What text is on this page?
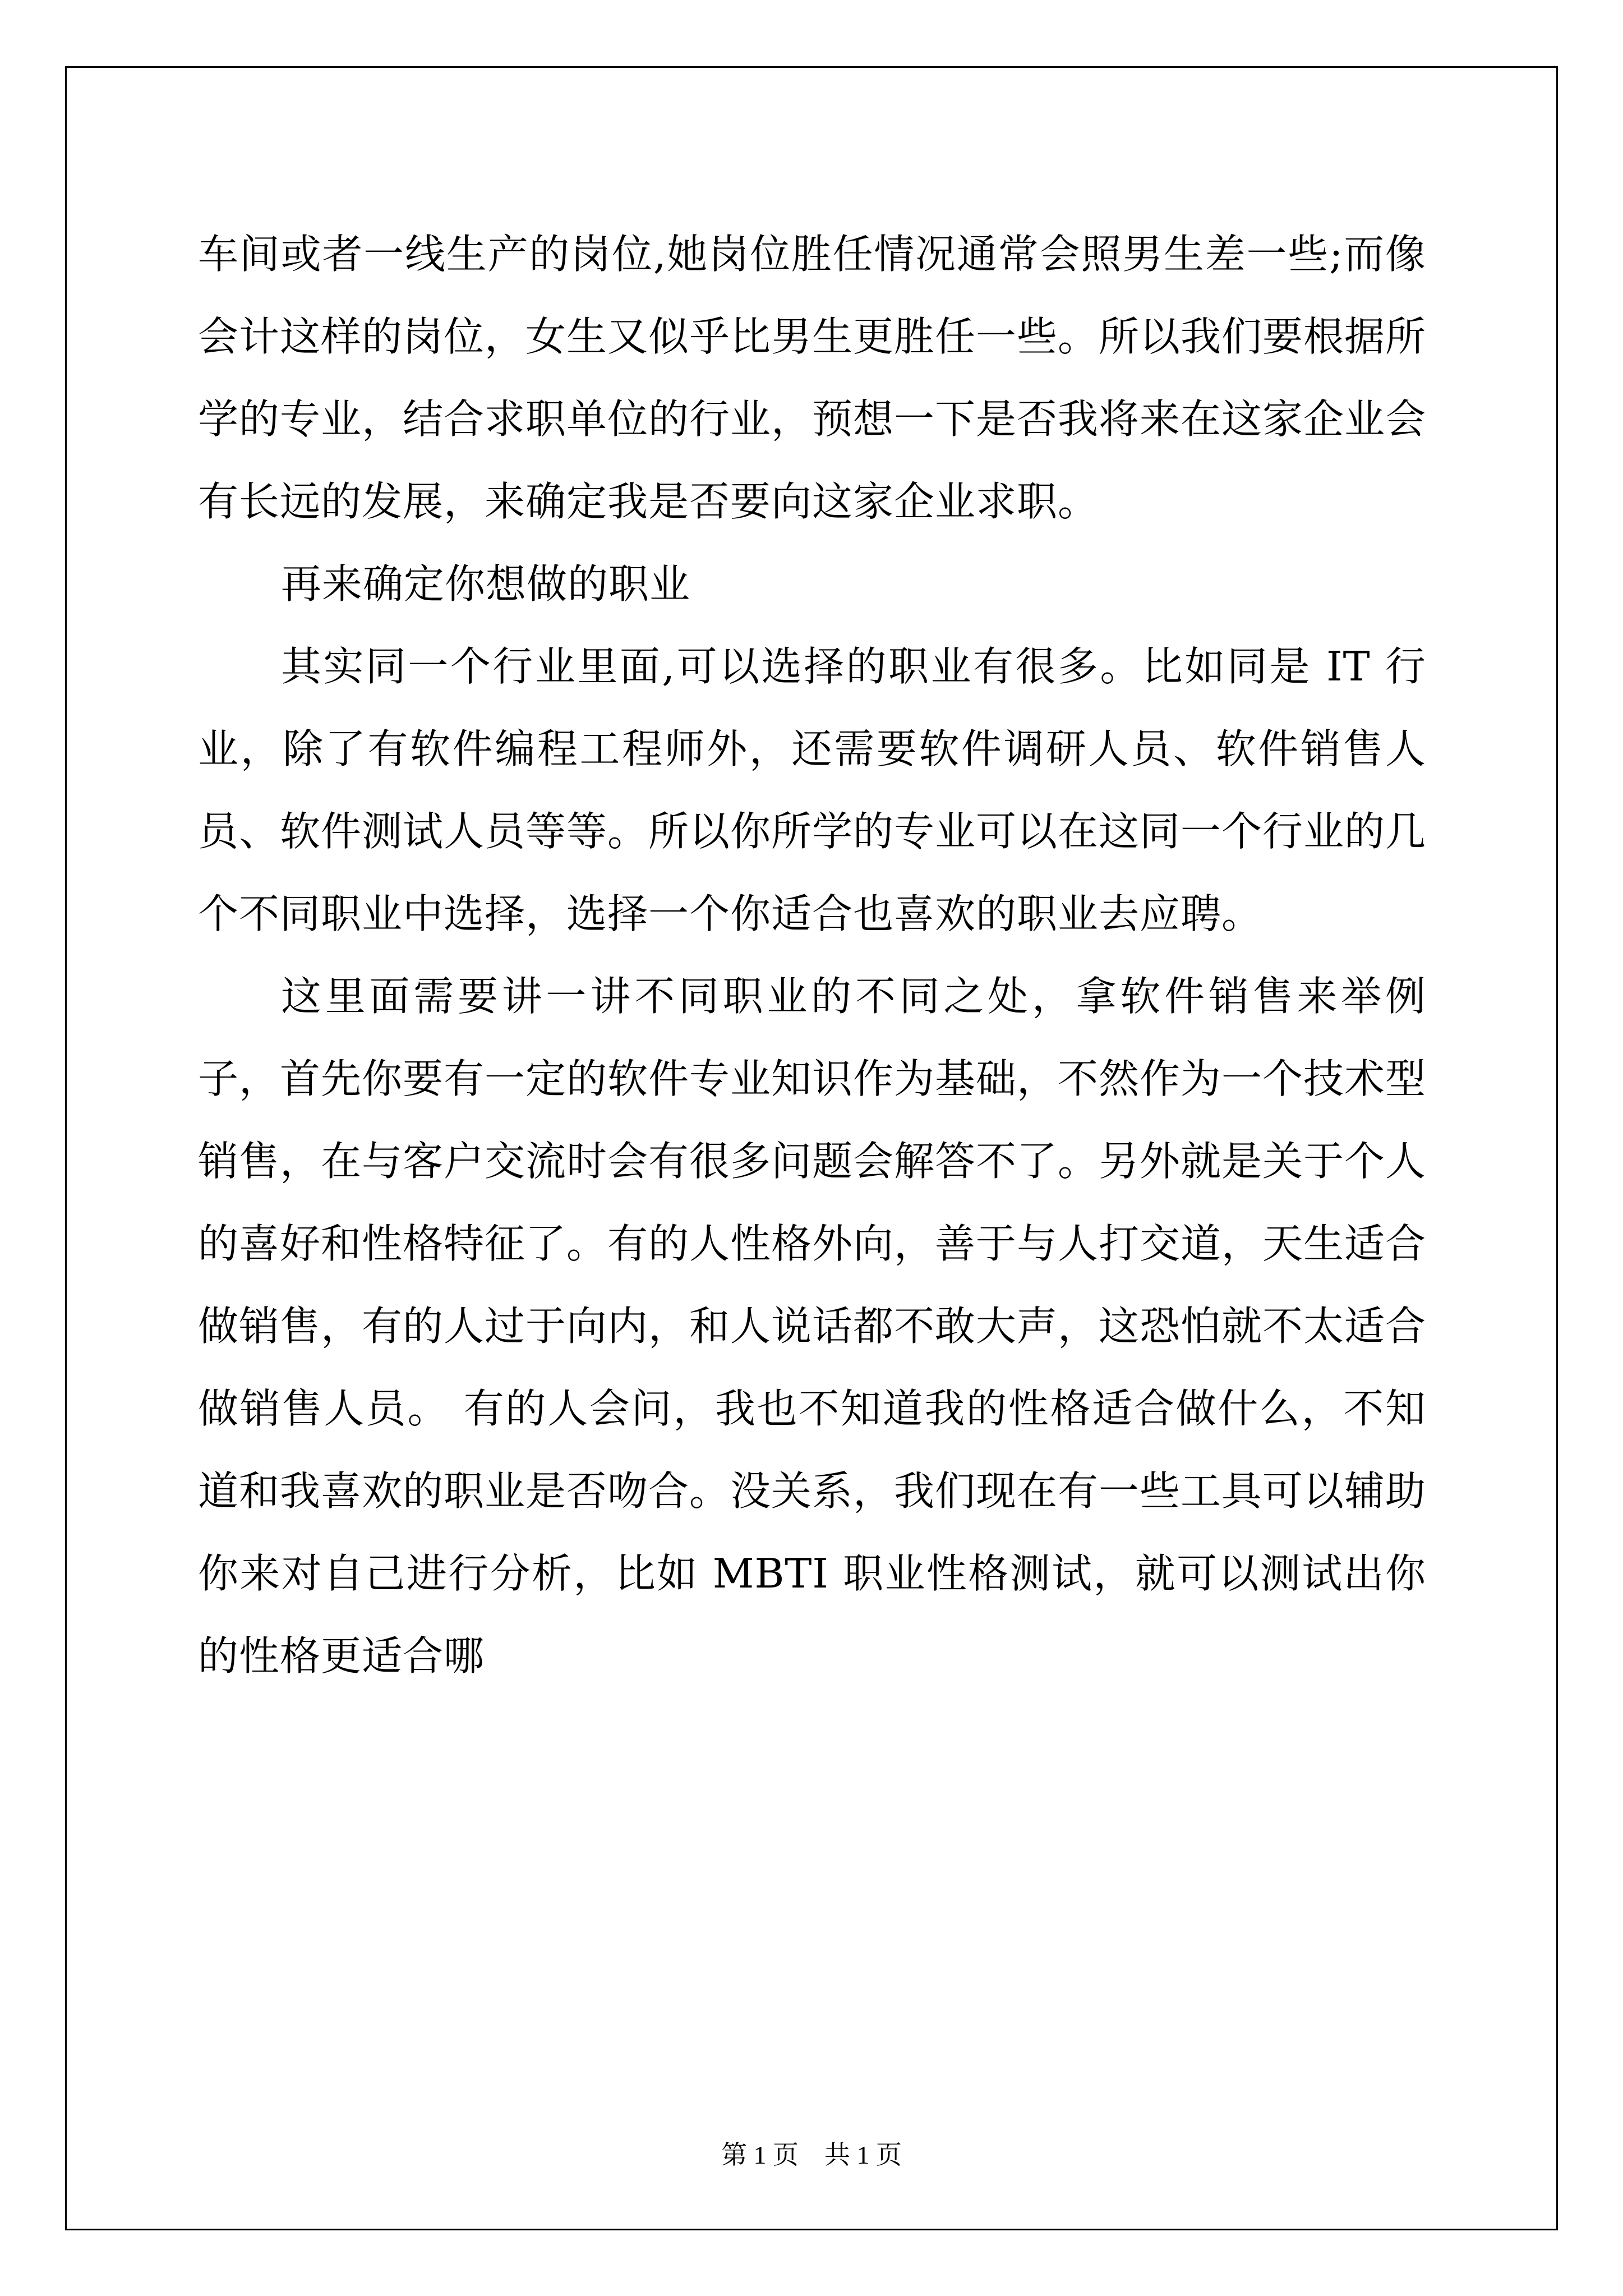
车间或者一线生产的岗位,她岗位胜任情况通常会照男生差一些;而像会计这样的岗位，女生又似乎比男生更胜任一些。所以我们要根据所学的专业，结合求职单位的行业，预想一下是否我将来在这家企业会有长远的发展，来确定我是否要向这家企业求职。

再来确定你想做的职业

其实同一个行业里面,可以选择的职业有很多。比如同是 IT 行业，除了有软件编程工程师外，还需要软件调研人员、软件销售人员、软件测试人员等等。所以你所学的专业可以在这同一个行业的几个不同职业中选择，选择一个你适合也喜欢的职业去应聘。

这里面需要讲一讲不同职业的不同之处，拿软件销售来举例子，首先你要有一定的软件专业知识作为基础，不然作为一个技术型销售，在与客户交流时会有很多问题会解答不了。另外就是关于个人的喜好和性格特征了。有的人性格外向，善于与人打交道，天生适合做销售，有的人过于向内，和人说话都不敢大声，这恐怕就不太适合做销售人员。 有的人会问，我也不知道我的性格适合做什么，不知道和我喜欢的职业是否吻合。没关系，我们现在有一些工具可以辅助你来对自己进行分析，比如 MBTI 职业性格测试，就可以测试出你的性格更适合哪

第 1 页 共 1 页
